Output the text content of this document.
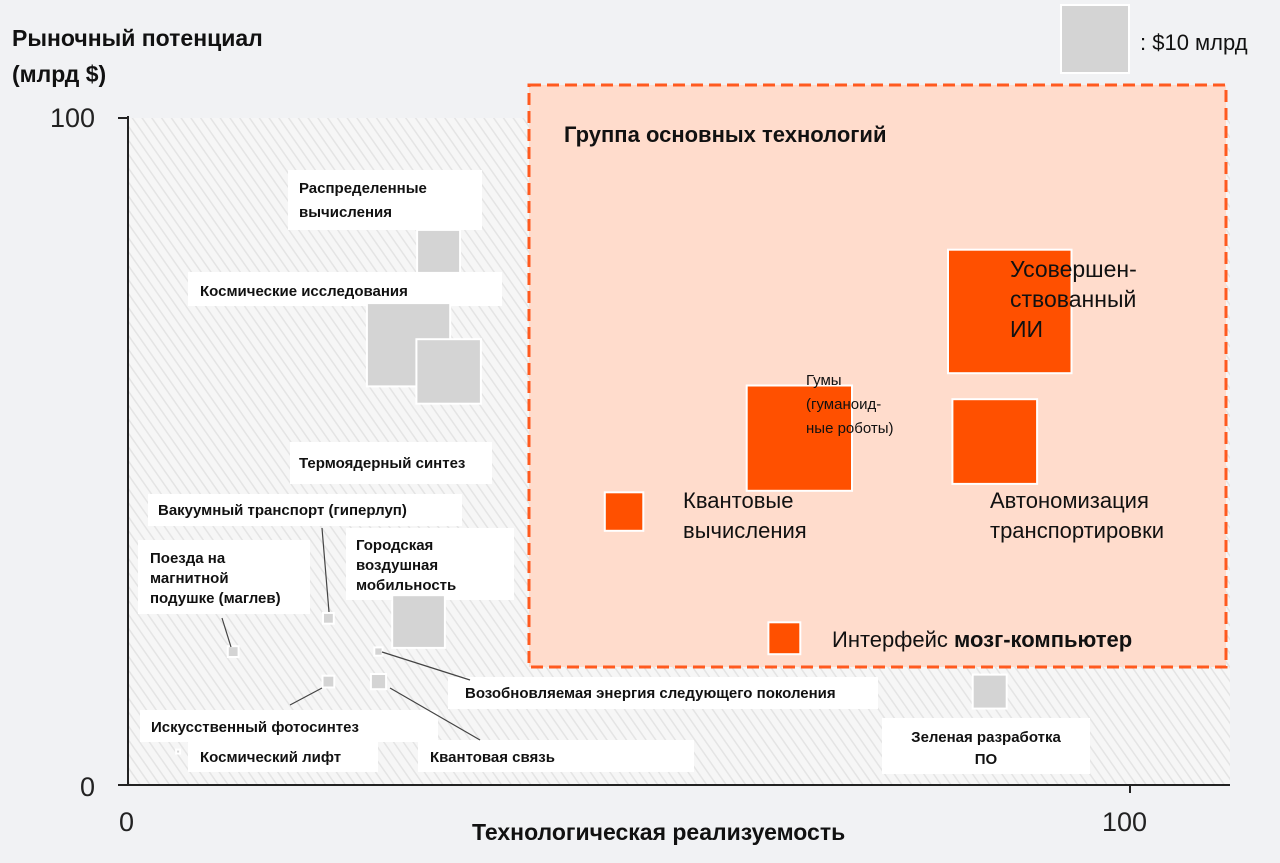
Группа основных технологий
100
0
0	100
Рыночный потенциал
(млрд $)
Технологическая реализуемость
: $10 млрд
Распределенные вычисления
Космические исследования
Термоядерный синтез
Вакуумный транспорт (гиперлуп)
Поезда на магнитной подушке (маглев)
Городская воздушная мобильность
Возобновляемая энергия следующего поколения
Искусственный фотосинтез
Квантовая связь
Космический лифт
Зеленая разработка ПО
Гумы (гуманоид-ные роботы)
Усовершен-ствованный ИИ
Автономизация транспортировки
Квантовые вычисления
Интерфейс мозг-компьютер
